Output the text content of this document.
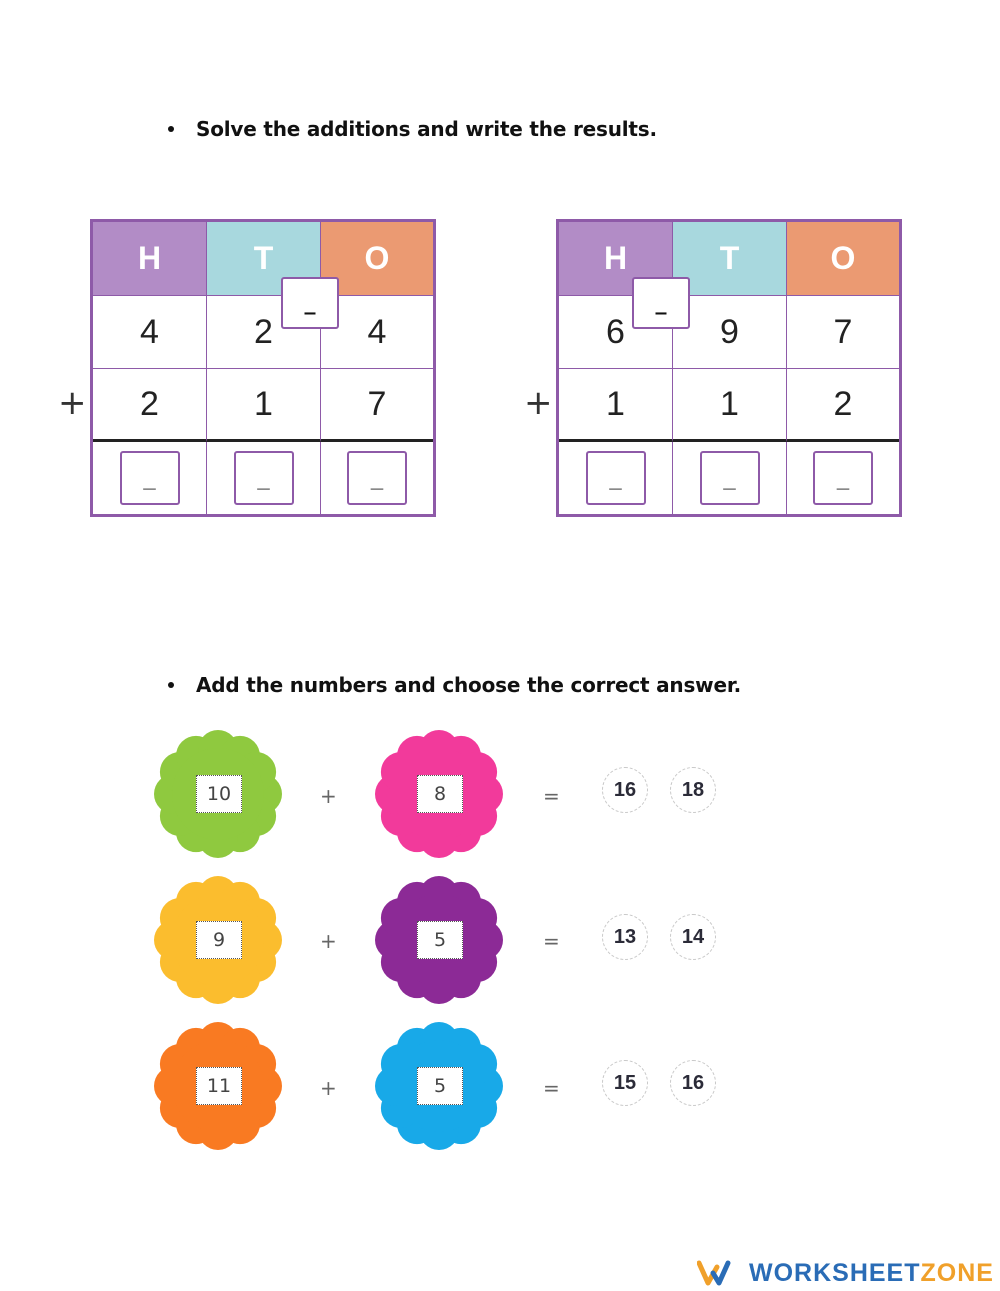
Solve the additions and write the results.
H	T	O
4	2	4
2	1	7
_	_	_
_
+
H	T	O
6	9	7
1	1	2
_	_	_
_
+
Add the numbers and choose the correct answer.
10	+	8	=	16	18
9	+	5	=	13	14
11	+	5	=	15	16
WORKSHEETZONE
